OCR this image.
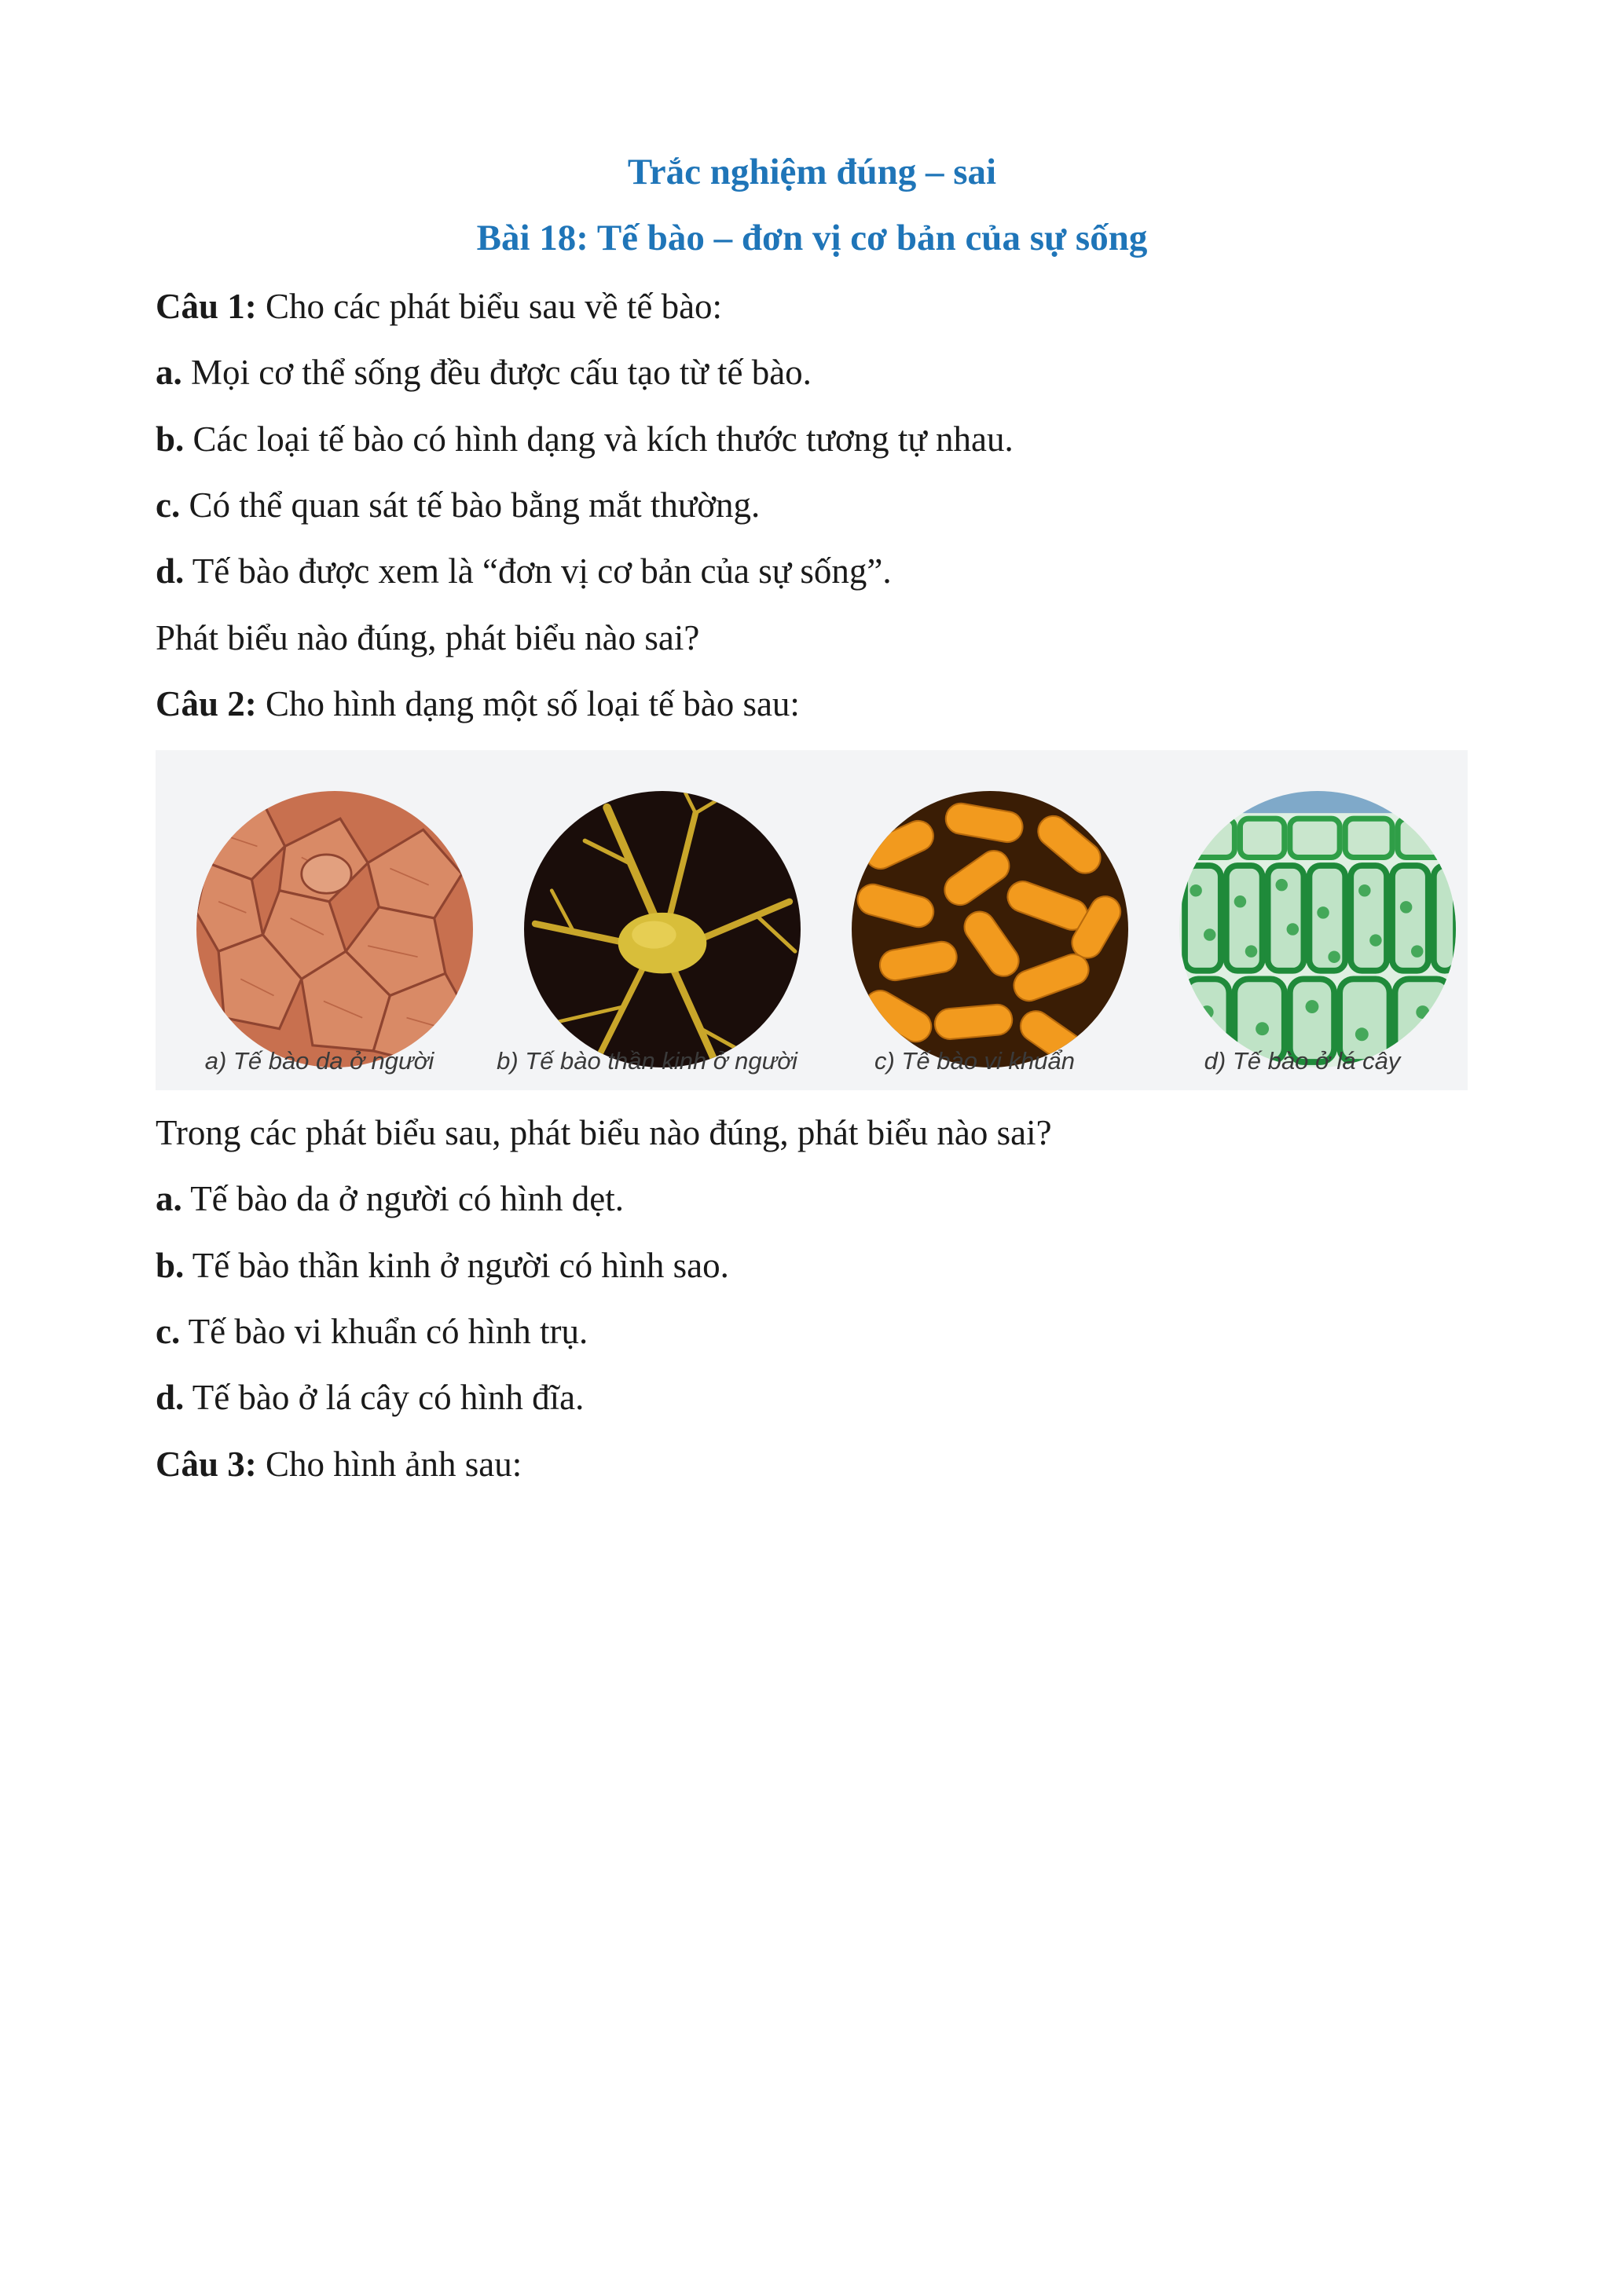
Trắc nghiệm đúng – sai
Bài 18: Tế bào – đơn vị cơ bản của sự sống
Câu 1: Cho các phát biểu sau về tế bào:
a. Mọi cơ thể sống đều được cấu tạo từ tế bào.
b. Các loại tế bào có hình dạng và kích thước tương tự nhau.
c. Có thể quan sát tế bào bằng mắt thường.
d. Tế bào được xem là “đơn vị cơ bản của sự sống”.
Phát biểu nào đúng, phát biểu nào sai?
Câu 2: Cho hình dạng một số loại tế bào sau:
a) Tế bào da ở người	b) Tế bào thần kinh ở người	c) Tế bào vi khuẩn	d) Tế bào ở lá cây
Trong các phát biểu sau, phát biểu nào đúng, phát biểu nào sai?
a. Tế bào da ở người có hình dẹt.
b. Tế bào thần kinh ở người có hình sao.
c. Tế bào vi khuẩn có hình trụ.
d. Tế bào ở lá cây có hình đĩa.
Câu 3: Cho hình ảnh sau:
